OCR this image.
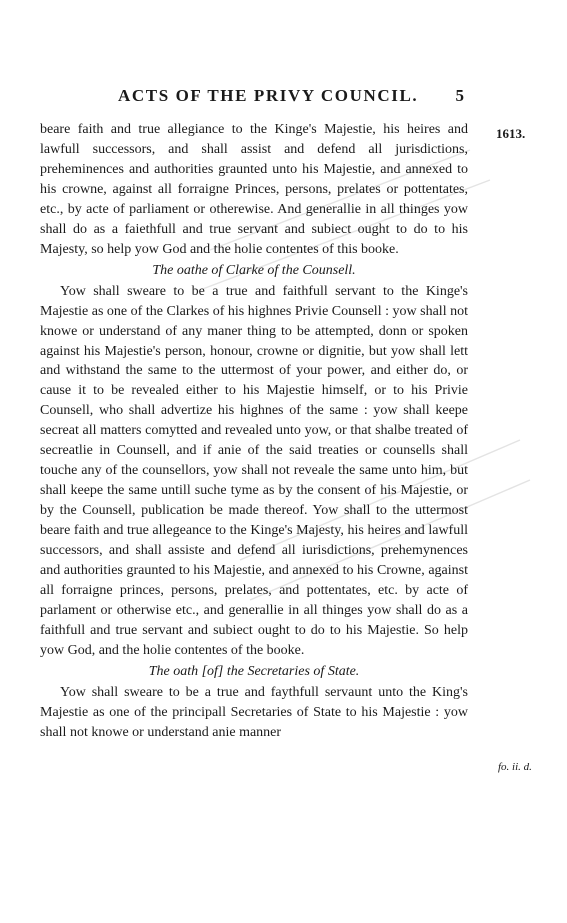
ACTS OF THE PRIVY COUNCIL. 5
1613.
fo. ii. d.

beare faith and true allegiance to the Kinge's Majestie, his heires and lawfull successors, and shall assist and defend all jurisdictions, preheminences and authorities graunted unto his Majestie, and annexed to his crowne, against all forraigne Princes, persons, prelates or pottentates, etc., by acte of parliament or otherewise. And generallie in all thinges yow shall do as a faiethfull and true servant and subiect ought to do to his Majesty, so help yow God and the holie contentes of this booke.

The oathe of Clarke of the Counsell.

Yow shall sweare to be a true and faithfull servant to the Kinge's Majestie as one of the Clarkes of his highnes Privie Counsell : yow shall not knowe or understand of any maner thing to be attempted, donn or spoken against his Majestie's person, honour, crowne or dignitie, but yow shall lett and withstand the same to the uttermost of your power, and either do, or cause it to be revealed either to his Majestie himself, or to his Privie Counsell, who shall advertize his highnes of the same : yow shall keepe secreat all matters comytted and revealed unto yow, or that shalbe treated of secreatlie in Counsell, and if anie of the said treaties or counsells shall touche any of the counsellors, yow shall not reveale the same unto him, but shall keepe the same untill suche tyme as by the consent of his Majestie, or by the Counsell, publication be made thereof. Yow shall to the uttermost beare faith and true allegeance to the Kinge's Majesty, his heires and lawfull successors, and shall assiste and defend all iurisdictions, prehemynences and authorities graunted to his Majestie, and annexed to his Crowne, against all forraigne princes, persons, prelates, and pottentates, etc. by acte of parlament or otherwise etc., and generallie in all thinges yow shall do as a faithfull and true servant and subiect ought to do to his Majestie. So help yow God, and the holie contentes of the booke.

The oath [of] the Secretaries of State.

Yow shall sweare to be a true and faythfull servaunt unto the King's Majestie as one of the principall Secretaries of State to his Majestie : yow shall not knowe or understand anie manner
